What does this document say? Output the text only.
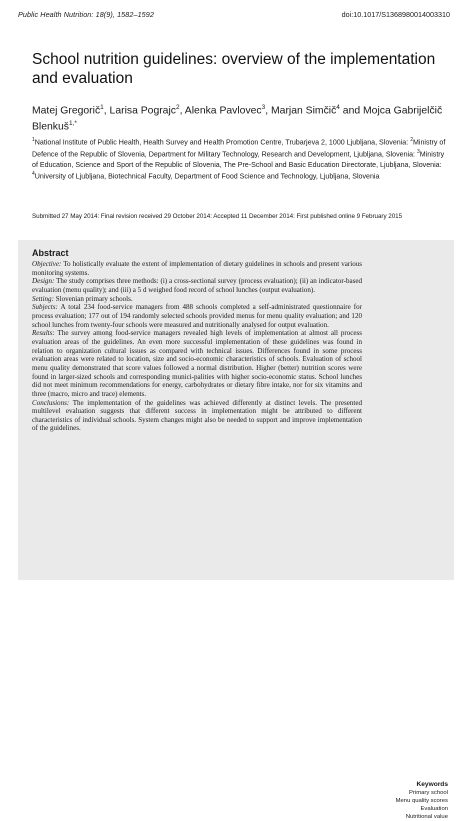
Public Health Nutrition: 18(9), 1582–1592	doi:10.1017/S1368980014003310
School nutrition guidelines: overview of the implementation and evaluation
Matej Gregorič$^1$, Larisa Pograjc$^2$, Alenka Pavlovec$^3$, Marjan Simčič$^4$ and Mojca Gabrijelčič Blenkuš$^{1,*}$
$^1$National Institute of Public Health, Health Survey and Health Promotion Centre, Trubarjeva 2, 1000 Ljubljana, Slovenia: $^2$Ministry of Defence of the Republic of Slovenia, Department for Military Technology, Research and Development, Ljubljana, Slovenia: $^3$Ministry of Education, Science and Sport of the Republic of Slovenia, The Pre-School and Basic Education Directorate, Ljubljana, Slovenia: $^4$University of Ljubljana, Biotechnical Faculty, Department of Food Science and Technology, Ljubljana, Slovenia
Submitted 27 May 2014: Final revision received 29 October 2014: Accepted 11 December 2014: First published online 9 February 2015
Abstract

Objective: To holistically evaluate the extent of implementation of dietary guidelines in schools and present various monitoring systems.

Design: The study comprises three methods: (i) a cross-sectional survey (process evaluation); (ii) an indicator-based evaluation (menu quality); and (iii) a 5 d weighed food record of school lunches (output evaluation).

Setting: Slovenian primary schools.

Subjects: A total 234 food-service managers from 488 schools completed a self-administrated questionnaire for process evaluation; 177 out of 194 randomly selected schools provided menus for menu quality evaluation; and 120 school lunches from twenty-four schools were measured and nutritionally analysed for output evaluation.

Results: The survey among food-service managers revealed high levels of implementation at almost all process evaluation areas of the guidelines. An even more successful implementation of these guidelines was found in relation to organization cultural issues as compared with technical issues. Differences found in some process evaluation areas were related to location, size and socio-economic characteristics of schools. Evaluation of school menu quality demonstrated that score values followed a normal distribution. Higher (better) nutrition scores were found in larger-sized schools and corresponding munici-palities with higher socio-economic status. School lunches did not meet minimum recommendations for energy, carbohydrates or dietary fibre intake, nor for six vitamins and three (macro, micro and trace) elements.

Conclusions: The implementation of the guidelines was achieved differently at distinct levels. The presented multilevel evaluation suggests that different success in implementation might be attributed to different characteristics of individual schools. System changes might also be needed to support and improve implementation of the guidelines.

Keywords
Primary school
Menu quality scores
Evaluation
Nutritional value
